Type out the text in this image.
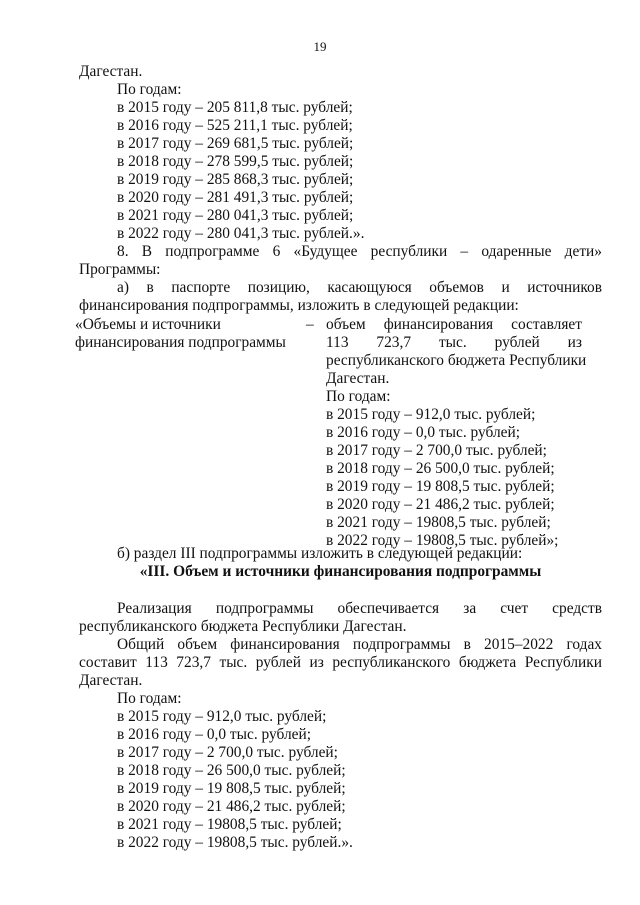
19
Дагестан.
По годам:
в 2015 году – 205 811,8 тыс. рублей;
в 2016 году – 525 211,1 тыс. рублей;
в 2017 году – 269 681,5 тыс. рублей;
в 2018 году – 278 599,5 тыс. рублей;
в 2019 году – 285 868,3 тыс. рублей;
в 2020 году – 281 491,3 тыс. рублей;
в 2021 году – 280 041,3 тыс. рублей;
в 2022 году – 280 041,3 тыс. рублей.».
8. В подпрограмме 6 «Будущее республики – одаренные дети»
Программы:
а) в паспорте позицию, касающуюся объемов и источников
финансирования подпрограммы, изложить в следующей редакции:
«Объемы и источники
финансирования подпрограммы
– объем финансирования составляет
113 723,7 тыс. рублей из
республиканского бюджета Республики
Дагестан.
По годам:
в 2015 году – 912,0 тыс. рублей;
в 2016 году – 0,0 тыс. рублей;
в 2017 году – 2 700,0 тыс. рублей;
в 2018 году – 26 500,0 тыс. рублей;
в 2019 году – 19 808,5 тыс. рублей;
в 2020 году – 21 486,2 тыс. рублей;
в 2021 году – 19808,5 тыс. рублей;
в 2022 году – 19808,5 тыс. рублей»;
б) раздел III подпрограммы изложить в следующей редакции:
«III. Объем и источники финансирования подпрограммы
Реализация подпрограммы обеспечивается за счет средств
республиканского бюджета Республики Дагестан.
Общий объем финансирования подпрограммы в 2015–2022 годах
составит 113 723,7 тыс. рублей из республиканского бюджета Республики
Дагестан.
По годам:
в 2015 году – 912,0 тыс. рублей;
в 2016 году – 0,0 тыс. рублей;
в 2017 году – 2 700,0 тыс. рублей;
в 2018 году – 26 500,0 тыс. рублей;
в 2019 году – 19 808,5 тыс. рублей;
в 2020 году – 21 486,2 тыс. рублей;
в 2021 году – 19808,5 тыс. рублей;
в 2022 году – 19808,5 тыс. рублей.».
